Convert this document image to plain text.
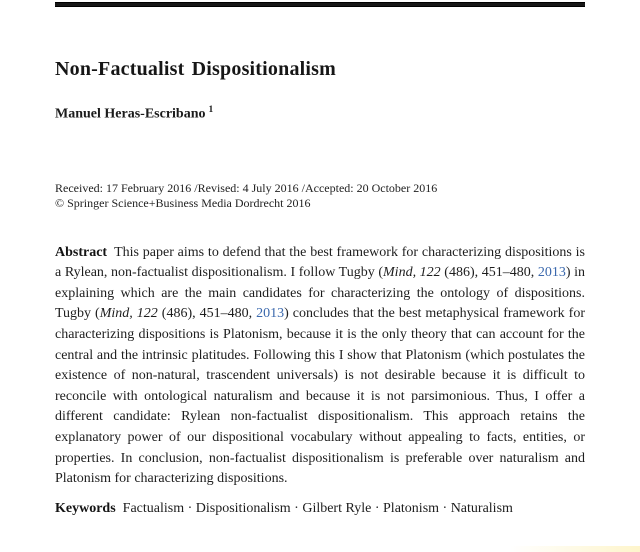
Non-Factualist Dispositionalism
Manuel Heras-Escribano $^1$
Received: 17 February 2016 /Revised: 4 July 2016 /Accepted: 20 October 2016
© Springer Science+Business Media Dordrecht 2016

Abstract This paper aims to defend that the best framework for characterizing dispositions is a Rylean, non-factualist dispositionalism. I follow Tugby (Mind, 122 (486), 451–480, 2013) in explaining which are the main candidates for characterizing the ontology of dispositions. Tugby (Mind, 122 (486), 451–480, 2013) concludes that the best metaphysical framework for characterizing dispositions is Platonism, because it is the only theory that can account for the central and the intrinsic platitudes. Following this I show that Platonism (which postulates the existence of non-natural, trascendent universals) is not desirable because it is difficult to reconcile with ontological naturalism and because it is not parsimonious. Thus, I offer a different candidate: Rylean non-factualist dispositionalism. This approach retains the explanatory power of our dispositional vocabulary without appealing to facts, entities, or properties. In conclusion, non-factualist dispositionalism is preferable over naturalism and Platonism for characterizing dispositions.

Keywords Factualism · Dispositionalism · Gilbert Ryle · Platonism · Naturalism
